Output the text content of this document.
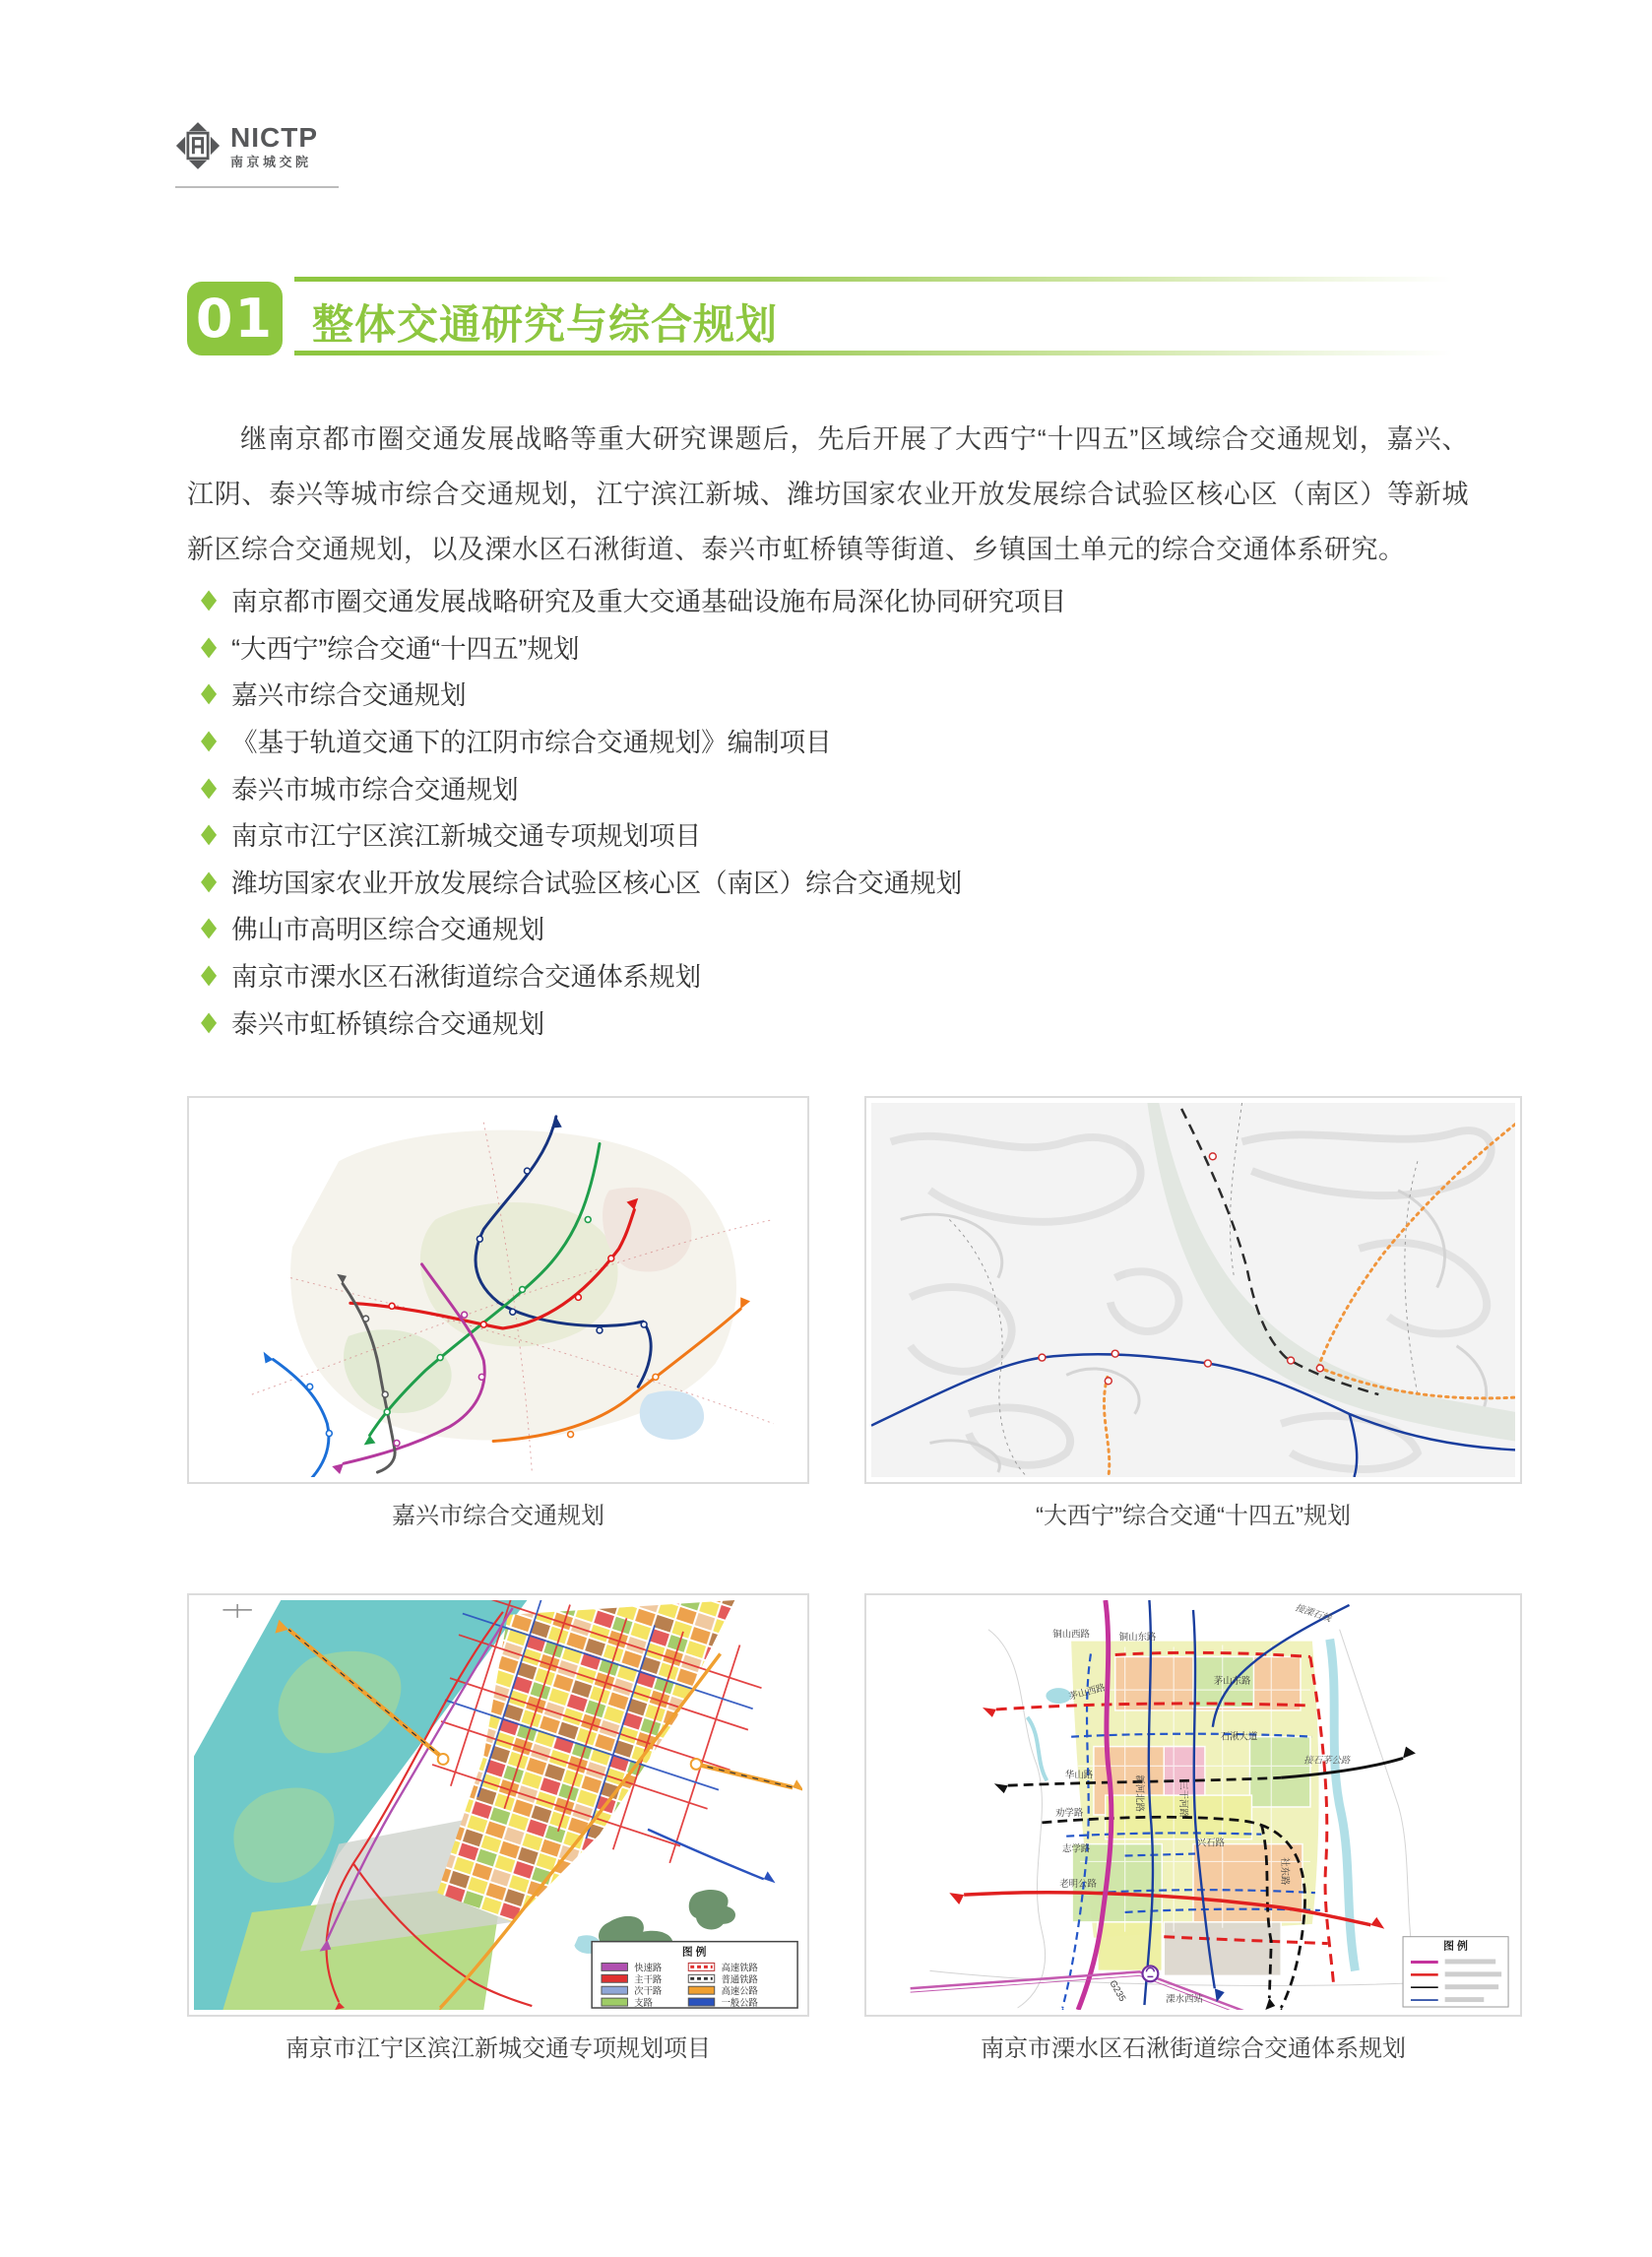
NICTP
南京城交院
01 整体交通研究与综合规划

继南京都市圈交通发展战略等重大研究课题后，先后开展了大西宁“十四五”区域综合交通规划，嘉兴、江阴、泰兴等城市综合交通规划，江宁滨江新城、潍坊国家农业开放发展综合试验区核心区（南区）等新城新区综合交通规划，以及溧水区石湫街道、泰兴市虹桥镇等街道、乡镇国土单元的综合交通体系研究。

◆ 南京都市圈交通发展战略研究及重大交通基础设施布局深化协同研究项目
◆ “大西宁”综合交通“十四五”规划
◆ 嘉兴市综合交通规划
◆ 《基于轨道交通下的江阴市综合交通规划》编制项目
◆ 泰兴市城市综合交通规划
◆ 南京市江宁区滨江新城交通专项规划项目
◆ 潍坊国家农业开放发展综合试验区核心区（南区）综合交通规划
◆ 佛山市高明区综合交通规划
◆ 南京市溧水区石湫街道综合交通体系规划
◆ 泰兴市虹桥镇综合交通规划
嘉兴市综合交通规划	“大西宁”综合交通“十四五”规划
图 例
快速路
主干路
次干路
支路
高速铁路
普通铁路
高速公路
一般公路
南京市江宁区滨江新城交通专项规划项目
铜山西路	铜山东路
茅山西路
茅山东路
石湫大道
接石茅公路
华山路
新河北路	三干河路
劝学路
志学路
兴石路
社东路
老明公路
G235	溧水西站
接溧石线
图 例
南京市溧水区石湫街道综合交通体系规划
